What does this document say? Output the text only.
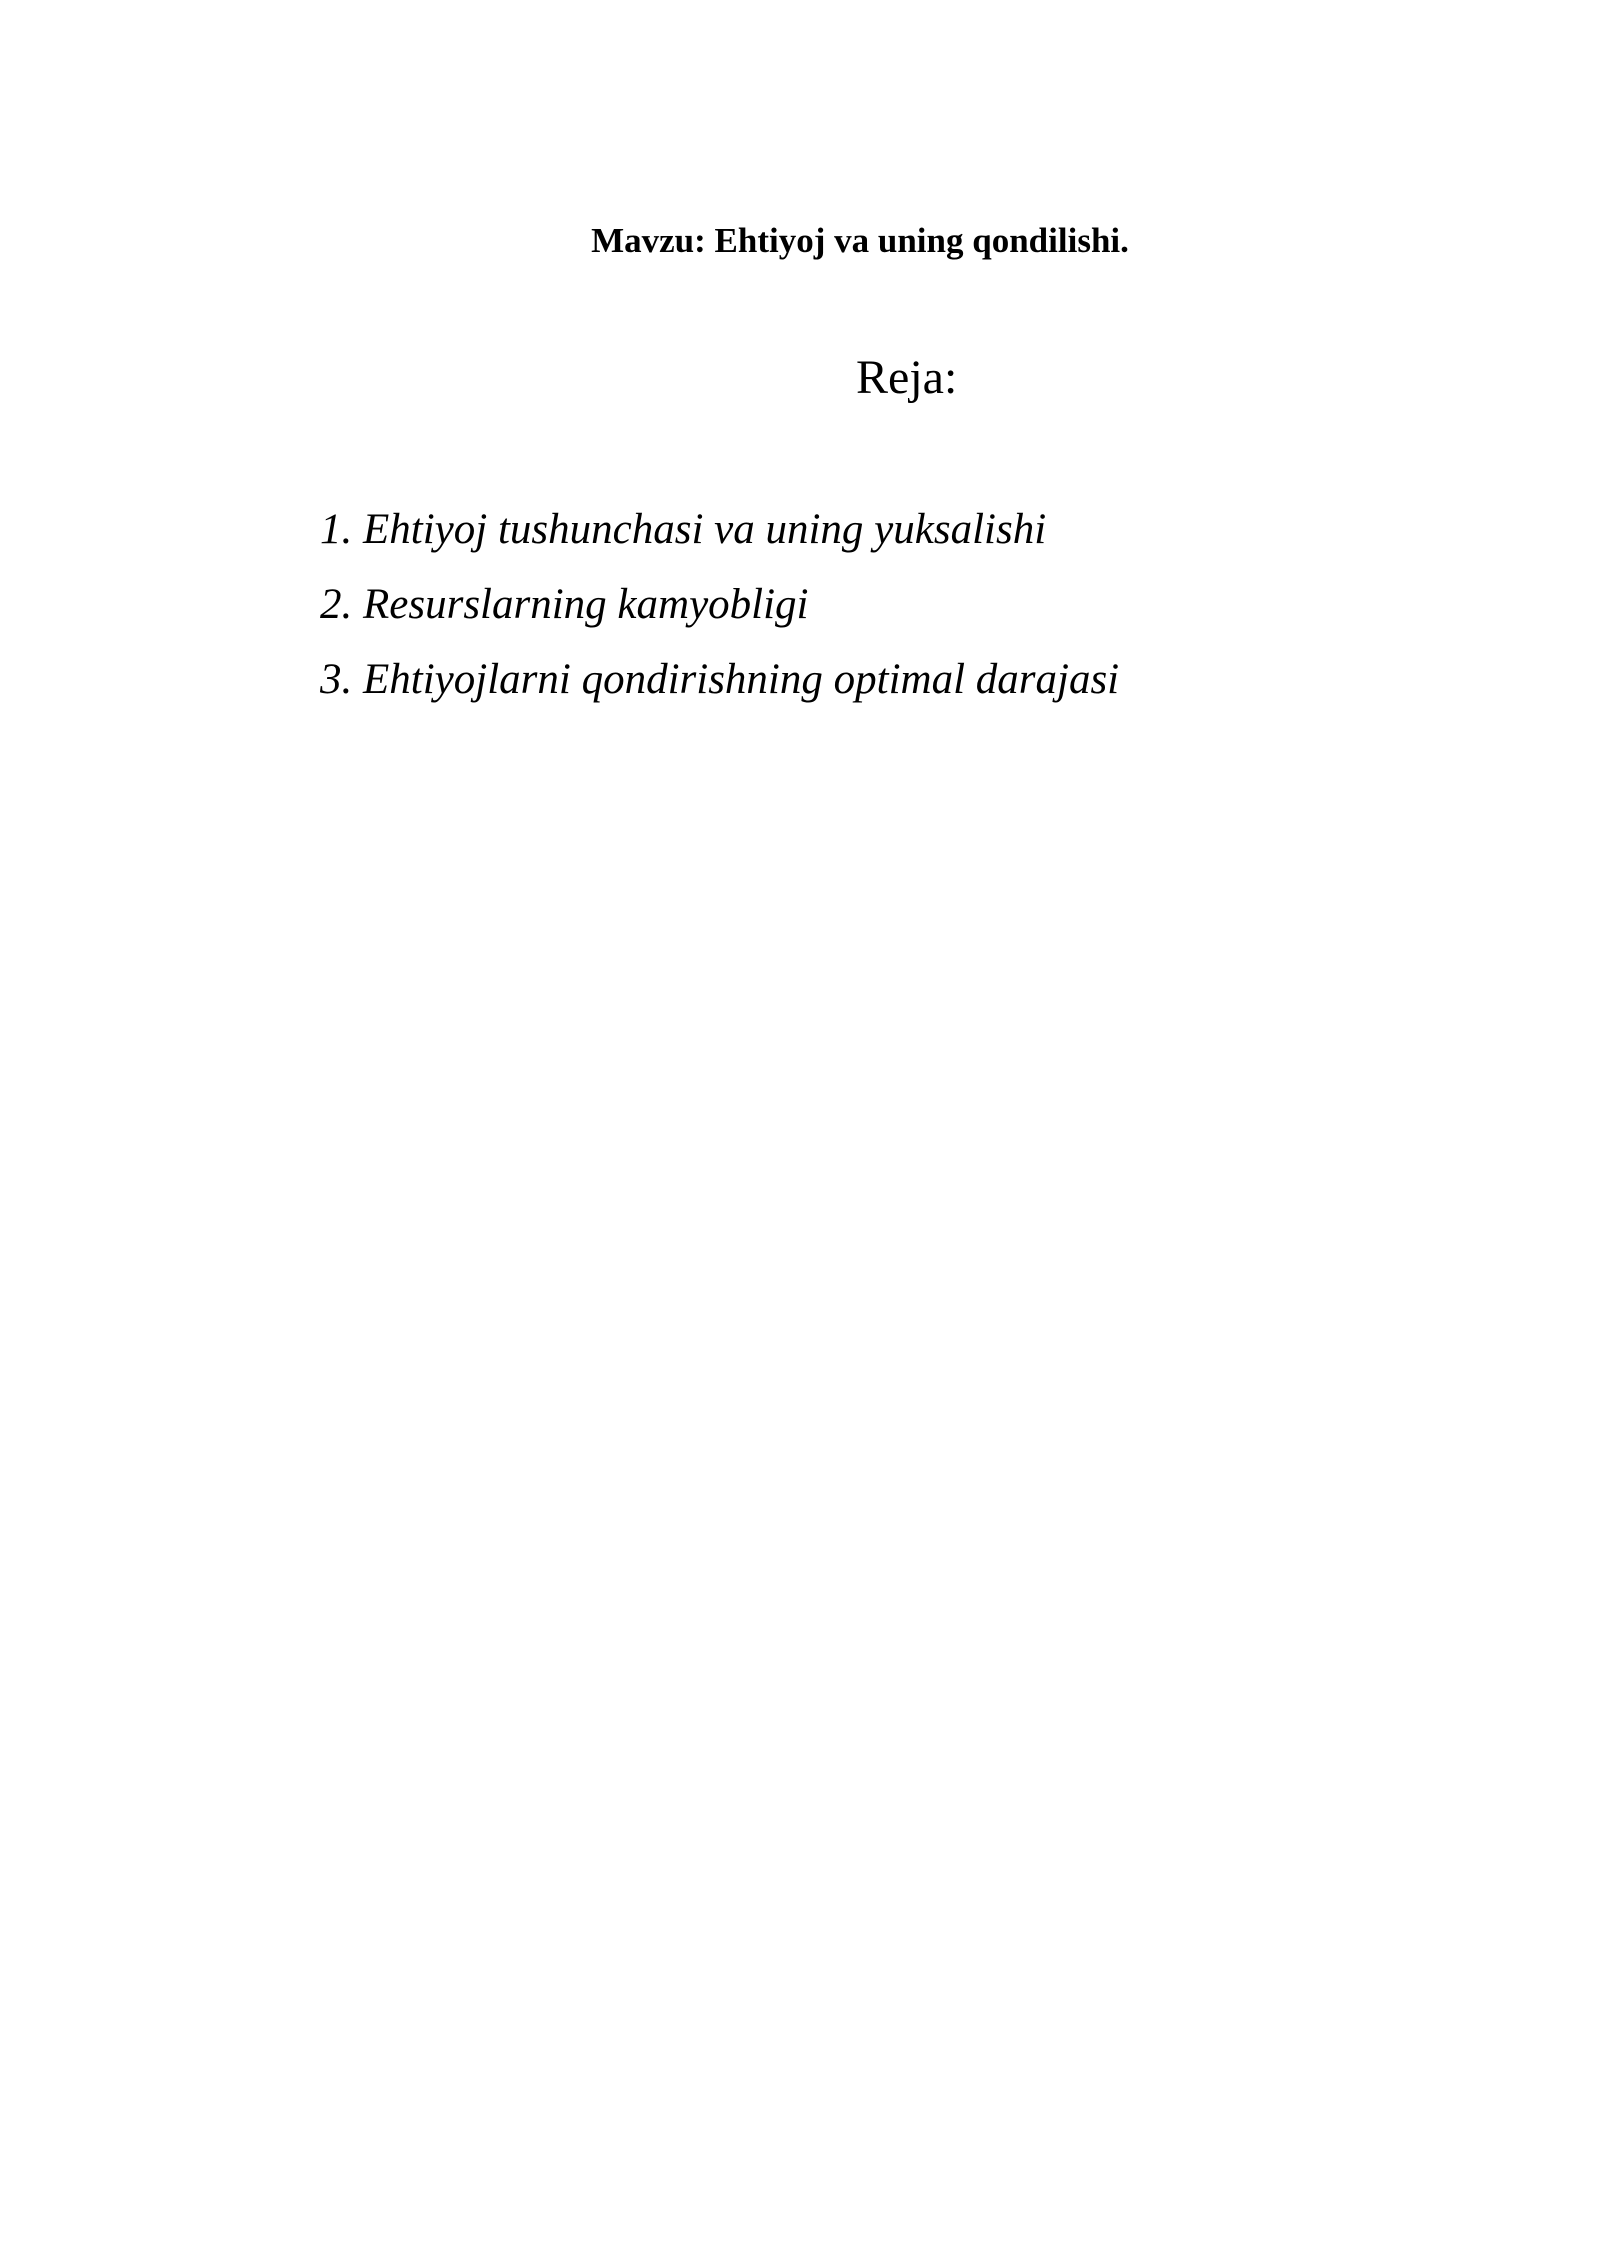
Mavzu: Ehtiyoj va uning qondilishi.
Reja:
1. Ehtiyoj tushunchasi va uning yuksalishi
2. Resurslarning kamyobligi
3. Ehtiyojlarni qondirishning optimal darajasi
